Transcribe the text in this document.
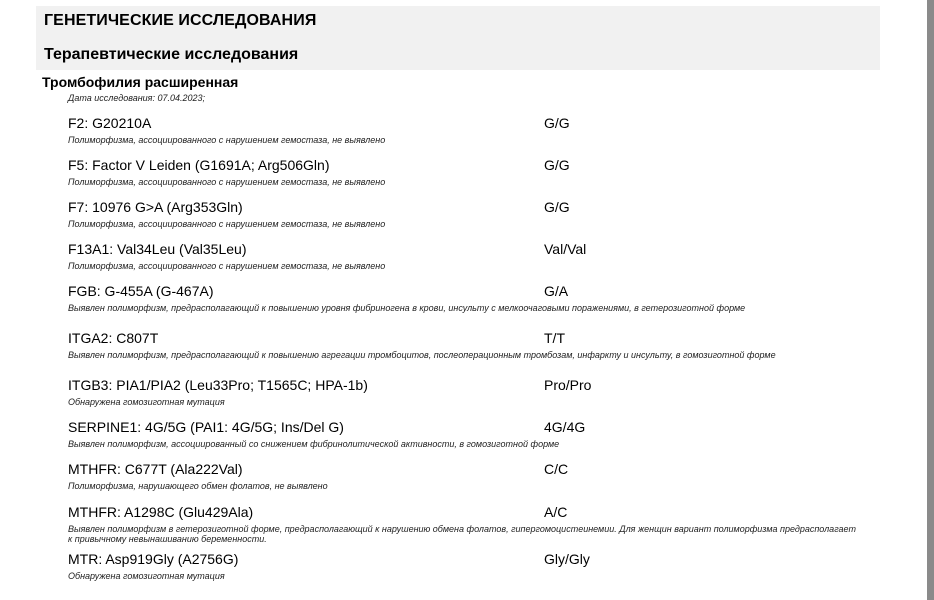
ГЕНЕТИЧЕСКИЕ ИССЛЕДОВАНИЯ
Терапевтические исследования
Тромбофилия расширенная
Дата исследования: 07.04.2023;
F2: G20210A	G/G
Полиморфизма, ассоциированного с нарушением гемостаза, не выявлено
F5: Factor V Leiden (G1691A; Arg506Gln)	G/G
Полиморфизма, ассоциированного с нарушением гемостаза, не выявлено
F7: 10976 G>A (Arg353Gln)	G/G
Полиморфизма, ассоциированного с нарушением гемостаза, не выявлено
F13A1: Val34Leu (Val35Leu)	Val/Val
Полиморфизма, ассоциированного с нарушением гемостаза, не выявлено
FGB: G-455A (G-467A)	G/A
Выявлен полиморфизм, предрасполагающий к повышению уровня фибриногена в крови, инсульту с мелкоочаговыми поражениями, в гетерозиготной форме
ITGA2: C807T	T/T
Выявлен полиморфизм, предрасполагающий к повышению агрегации тромбоцитов, послеоперационным тромбозам, инфаркту и инсульту, в гомозиготной форме
ITGB3: PIA1/PIA2 (Leu33Pro; T1565C; HPA-1b)	Pro/Pro
Обнаружена гомозиготная мутация
SERPINE1: 4G/5G (PAI1: 4G/5G; Ins/Del G)	4G/4G
Выявлен полиморфизм, ассоциированный со снижением фибринолитической активности, в гомозиготной форме
MTHFR: C677T (Ala222Val)	C/C
Полиморфизма, нарушающего обмен фолатов, не выявлено
MTHFR: A1298C (Glu429Ala)	A/C
Выявлен полиморфизм в гетерозиготной форме, предрасполагающий к нарушению обмена фолатов, гипергомоцистеинемии. Для женщин вариант полиморфизма предрасполагает к привычному невынашиванию беременности.
MTR: Asp919Gly (A2756G)	Gly/Gly
Обнаружена гомозиготная мутация
